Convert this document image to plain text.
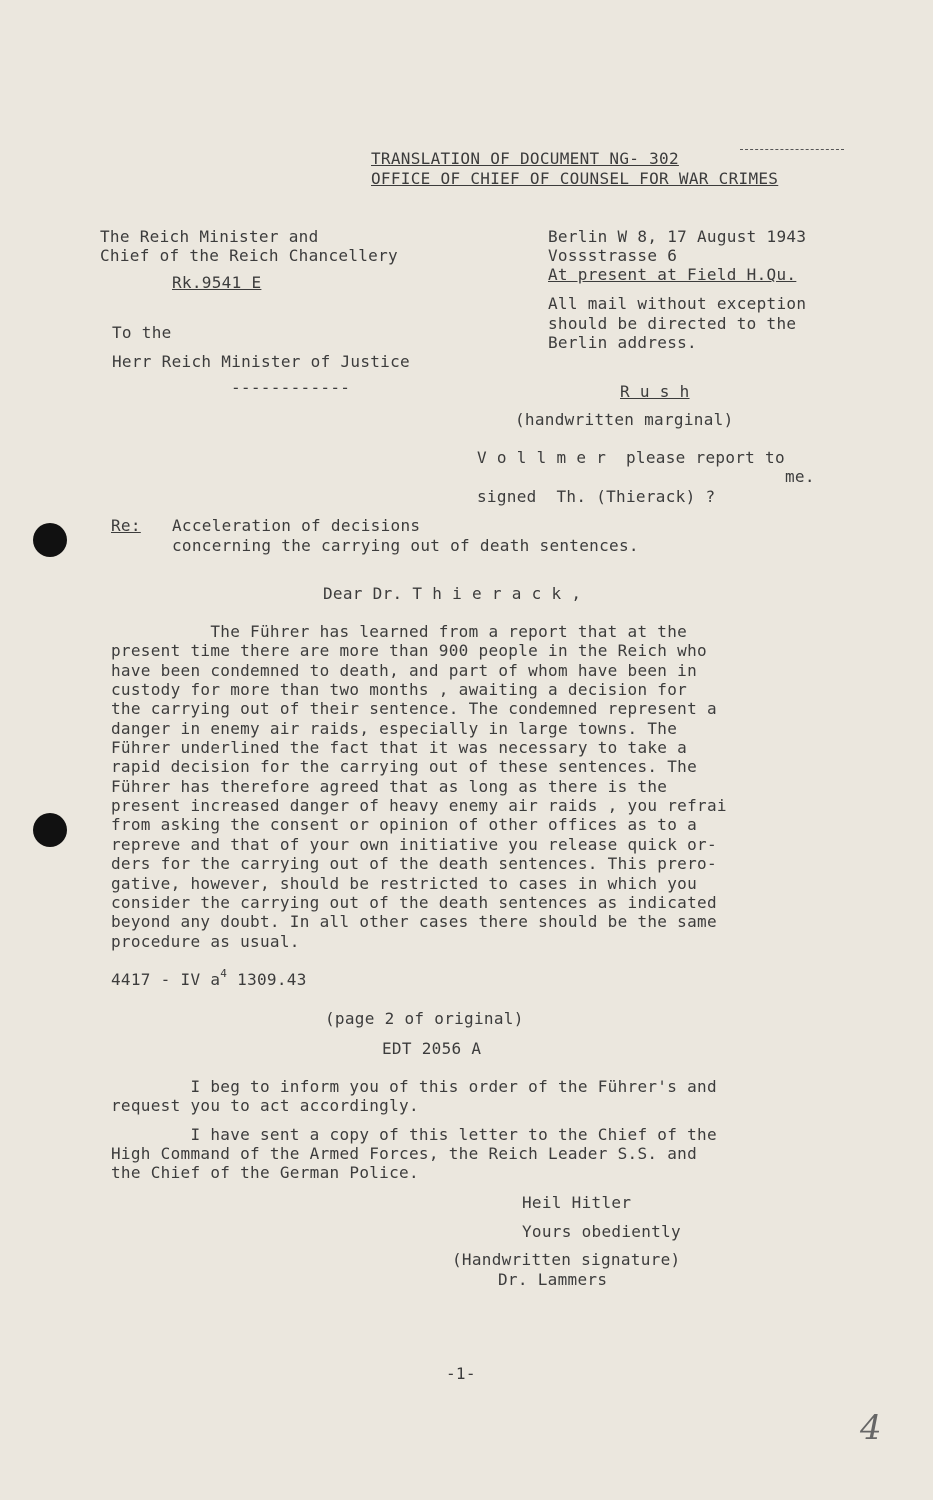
TRANSLATION OF DOCUMENT NG- 302
OFFICE OF CHIEF OF COUNSEL FOR WAR CRIMES
The Reich Minister and
Chief of the Reich Chancellery
Rk.9541 E
Berlin W 8, 17 August 1943
Vossstrasse 6
At present at Field H.Qu.
All mail without exception
should be directed to the
Berlin address.
To the
Herr Reich Minister of Justice
------------	R u s h
(handwritten marginal)
V o l l m e r  please report to
me.
signed  Th. (Thierack) ?
Re: Acceleration of decisions
concerning the carrying out of death sentences.
Dear Dr. T h i e r a c k ,
The Führer has learned from a report that at the
present time there are more than 900 people in the Reich who
have been condemned to death, and part of whom have been in
custody for more than two months , awaiting a decision for
the carrying out of their sentence. The condemned represent a
danger in enemy air raids, especially in large towns. The
Führer underlined the fact that it was necessary to take a
rapid decision for the carrying out of these sentences. The
Führer has therefore agreed that as long as there is the
present increased danger of heavy enemy air raids , you refrai
from asking the consent or opinion of other offices as to a
repreve and that of your own initiative you release quick or-
ders for the carrying out of the death sentences. This prero-
gative, however, should be restricted to cases in which you
consider the carrying out of the death sentences as indicated
beyond any doubt. In all other cases there should be the same
procedure as usual.
4417 - IV $a^4$ 1309.43
(page 2 of original)
EDT 2056 A
I beg to inform you of this order of the Führer's and
request you to act accordingly.
I have sent a copy of this letter to the Chief of the
High Command of the Armed Forces, the Reich Leader S.S. and
the Chief of the German Police.
Heil Hitler
Yours obediently
(Handwritten signature)
Dr. Lammers
-1-
4
